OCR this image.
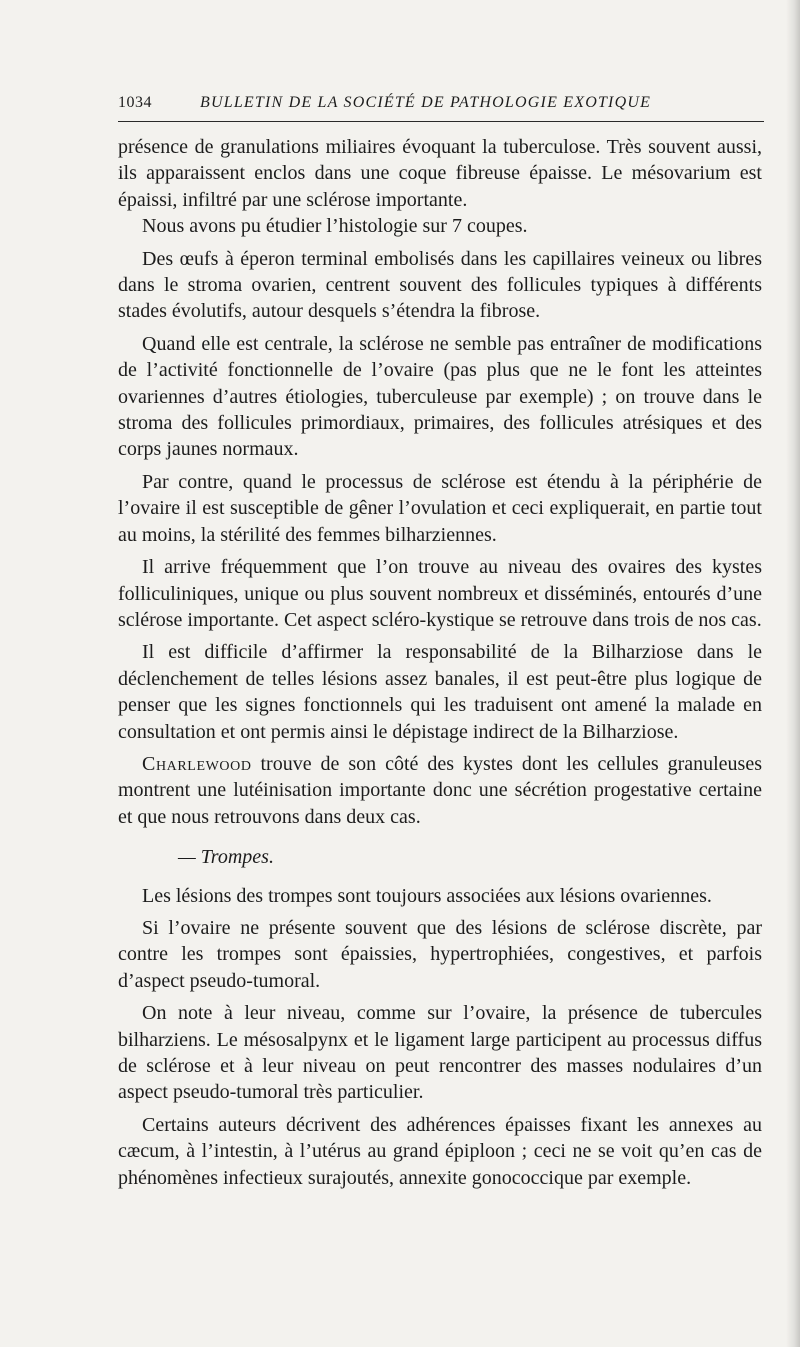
1034	BULLETIN DE LA SOCIÉTÉ DE PATHOLOGIE EXOTIQUE

présence de granulations miliaires évoquant la tuberculose. Très souvent aussi, ils apparaissent enclos dans une coque fibreuse épaisse. Le mésovarium est épaissi, infiltré par une sclérose importante.

Nous avons pu étudier l’histologie sur 7 coupes.

Des œufs à éperon terminal embolisés dans les capillaires veineux ou libres dans le stroma ovarien, centrent souvent des follicules typiques à différents stades évolutifs, autour desquels s’étendra la fibrose.

Quand elle est centrale, la sclérose ne semble pas entraîner de modifications de l’activité fonctionnelle de l’ovaire (pas plus que ne le font les atteintes ovariennes d’autres étiologies, tuberculeuse par exemple) ; on trouve dans le stroma des follicules primordiaux, primaires, des follicules atrésiques et des corps jaunes normaux.

Par contre, quand le processus de sclérose est étendu à la périphérie de l’ovaire il est susceptible de gêner l’ovulation et ceci expliquerait, en partie tout au moins, la stérilité des femmes bilharziennes.

Il arrive fréquemment que l’on trouve au niveau des ovaires des kystes folliculiniques, unique ou plus souvent nombreux et disséminés, entourés d’une sclérose importante. Cet aspect scléro-kystique se retrouve dans trois de nos cas.

Il est difficile d’affirmer la responsabilité de la Bilharziose dans le déclenchement de telles lésions assez banales, il est peut-être plus logique de penser que les signes fonctionnels qui les traduisent ont amené la malade en consultation et ont permis ainsi le dépistage indirect de la Bilharziose.

Charlewood trouve de son côté des kystes dont les cellules granuleuses montrent une lutéinisation importante donc une sécrétion progestative certaine et que nous retrouvons dans deux cas.

— Trompes.

Les lésions des trompes sont toujours associées aux lésions ovariennes.

Si l’ovaire ne présente souvent que des lésions de sclérose discrète, par contre les trompes sont épaissies, hypertrophiées, congestives, et parfois d’aspect pseudo-tumoral.

On note à leur niveau, comme sur l’ovaire, la présence de tubercules bilharziens. Le mésosalpynx et le ligament large participent au processus diffus de sclérose et à leur niveau on peut rencontrer des masses nodulaires d’un aspect pseudo-tumoral très particulier.

Certains auteurs décrivent des adhérences épaisses fixant les annexes au cæcum, à l’intestin, à l’utérus au grand épiploon ; ceci ne se voit qu’en cas de phénomènes infectieux surajoutés, annexite gonococcique par exemple.
